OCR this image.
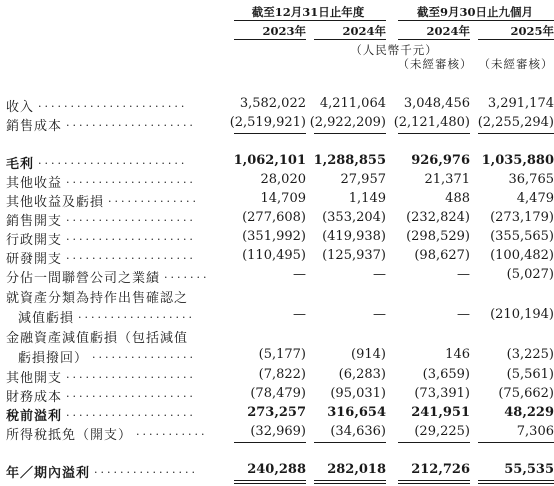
截至12月31日止年度	截至9月30日止九個月
2023年	2024年	2024年	2025年
（人民幣千元）
（未經審核） （未經審核）
收入 .......................	3,582,022	4,211,064	3,048,456	3,291,174
銷售成本 ....................	(2,519,921) (2,922,209) (2,121,480) (2,255,294)
毛利 .......................	1,062,101 1,288,855	926,976 1,035,880
其他收益 ....................	28,020	27,957	21,371	36,765
其他收益及虧損 ..............	14,709	1,149	488	4,479
銷售開支 ....................	(277,608)	(353,204)	(232,824)	(273,179)
行政開支 ....................	(351,992)	(419,938)	(298,529)	(355,565)
研發開支 ....................	(110,495)	(125,937)	(98,627)	(100,482)
分佔一間聯營公司之業績 .......	—	—	—	(5,027)
就資產分類為持作出售確認之
減值虧損 ..................	—	—	—	(210,194)
金融資產減值虧損（包括減值
虧損撥回） ................	(5,177)	(914)	146	(3,225)
其他開支 ....................	(7,822)	(6,283)	(3,659)	(5,561)
財務成本 ....................	(78,479)	(95,031)	(73,391)	(75,662)
稅前溢利 ....................	273,257	316,654	241,951	48,229
所得稅抵免（開支） ...........	(32,969)	(34,636)	(29,225)	7,306
年／期內溢利 ................	240,288	282,018	212,726	55,535
